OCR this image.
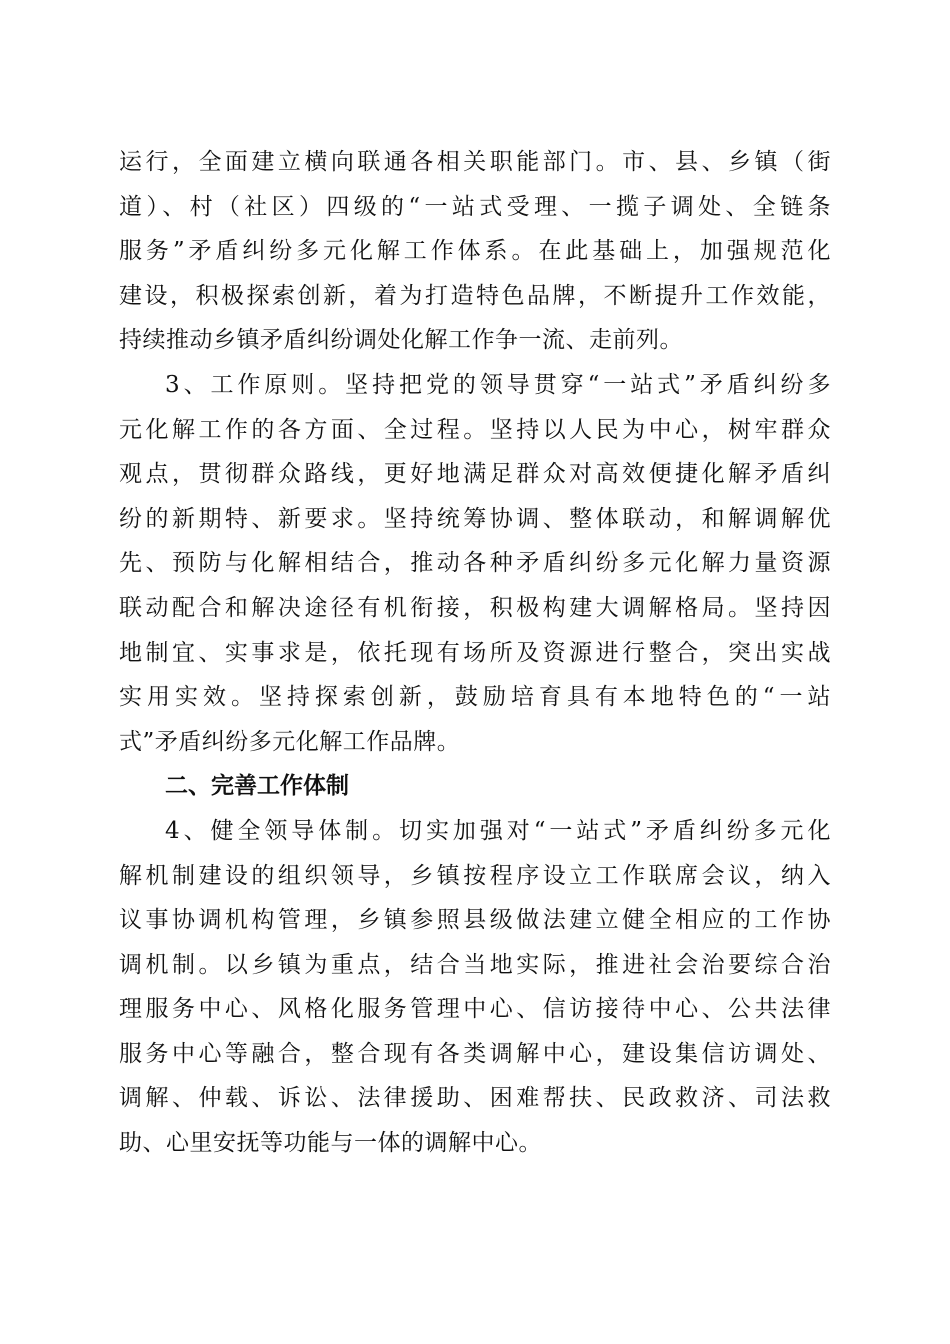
运行，全面建立横向联通各相关职能部门。市、县、乡镇（街
道）、村（社区）四级的“一站式受理、一揽子调处、全链条
服务”矛盾纠纷多元化解工作体系。在此基础上，加强规范化
建设，积极探索创新，着为打造特色品牌，不断提升工作效能，
持续推动乡镇矛盾纠纷调处化解工作争一流、走前列。
3、工作原则。坚持把党的领导贯穿“一站式”矛盾纠纷多
元化解工作的各方面、全过程。坚持以人民为中心，树牢群众
观点，贯彻群众路线，更好地满足群众对高效便捷化解矛盾纠
纷的新期特、新要求。坚持统筹协调、整体联动，和解调解优
先、预防与化解相结合，推动各种矛盾纠纷多元化解力量资源
联动配合和解决途径有机衔接，积极构建大调解格局。坚持因
地制宜、实事求是，依托现有场所及资源进行整合，突出实战
实用实效。坚持探索创新，鼓励培育具有本地特色的“一站
式”矛盾纠纷多元化解工作品牌。
二、完善工作体制
4、健全领导体制。切实加强对“一站式”矛盾纠纷多元化
解机制建设的组织领导，乡镇按程序设立工作联席会议，纳入
议事协调机构管理，乡镇参照县级做法建立健全相应的工作协
调机制。以乡镇为重点，结合当地实际，推进社会治要综合治
理服务中心、风格化服务管理中心、信访接待中心、公共法律
服务中心等融合，整合现有各类调解中心，建设集信访调处、
调解、仲载、诉讼、法律援助、困难帮扶、民政救济、司法救
助、心里安抚等功能与一体的调解中心。
